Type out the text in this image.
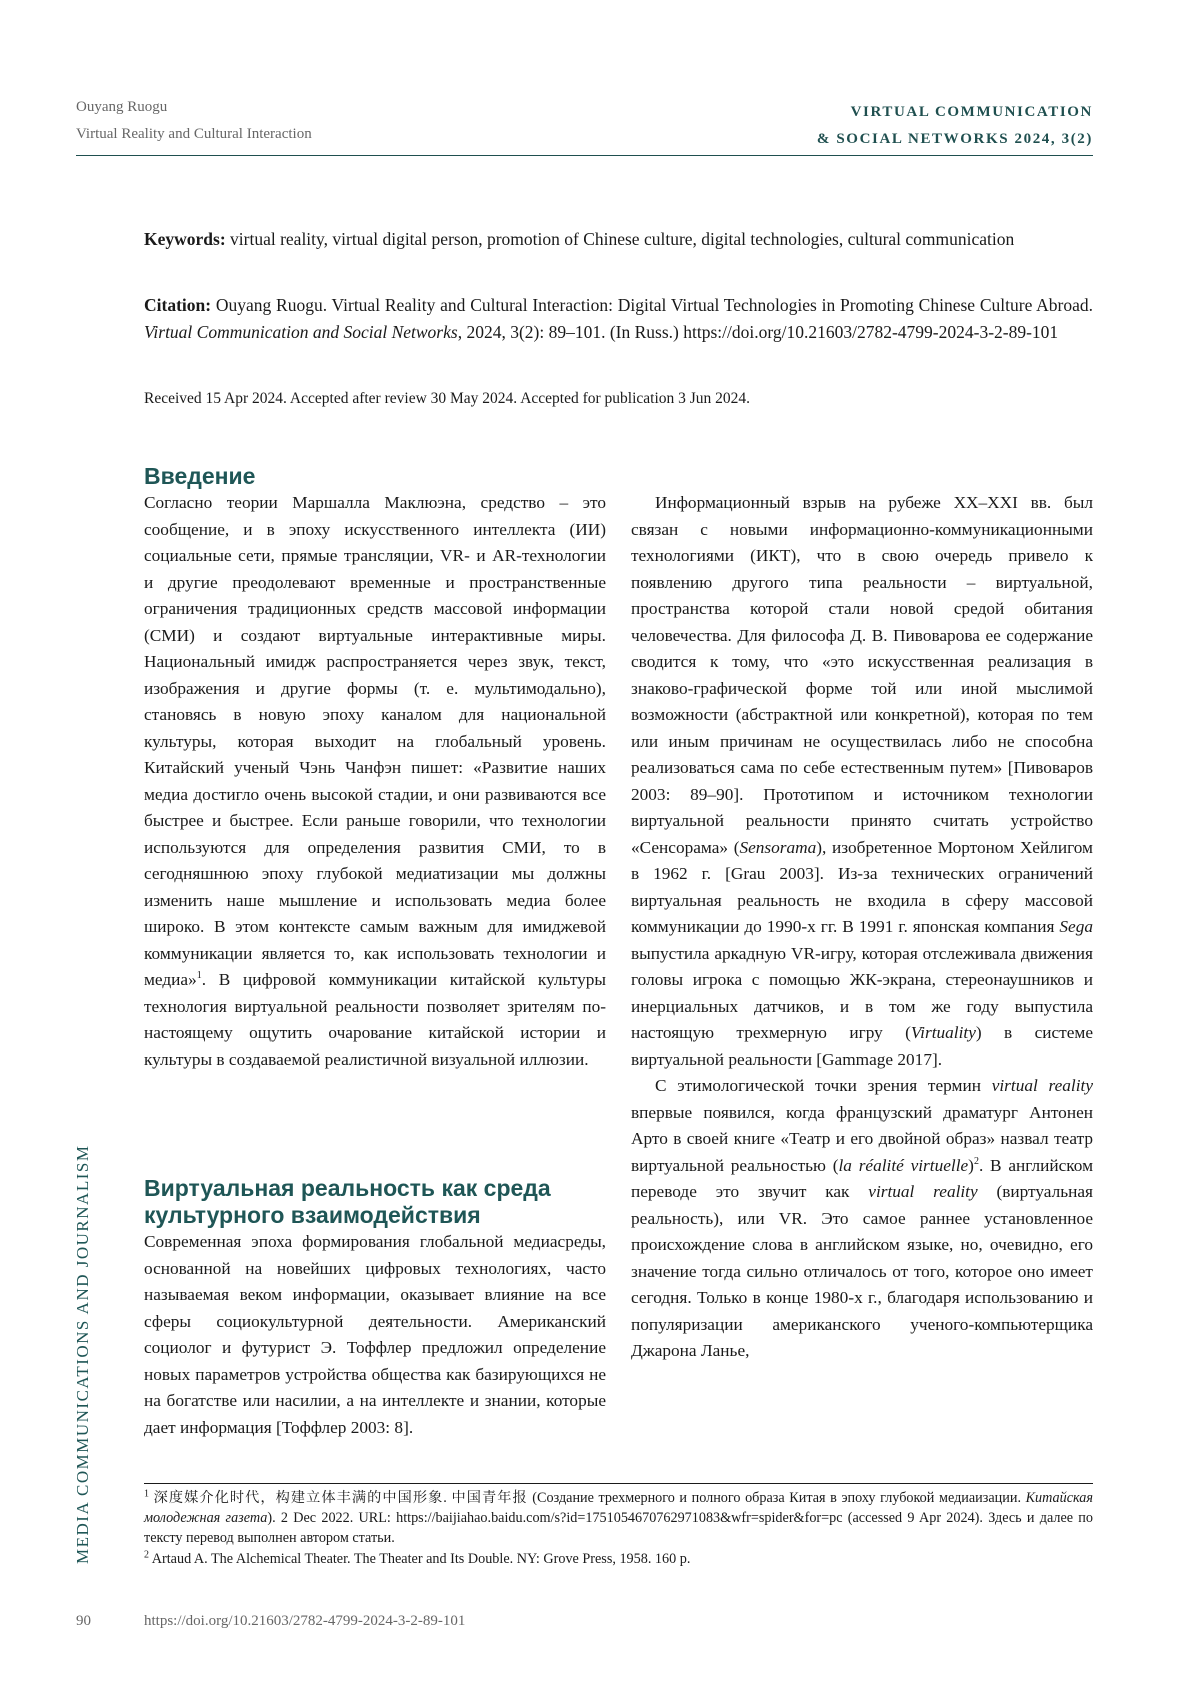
Ouyang Ruogu
Virtual Reality and Cultural Interaction
VIRTUAL COMMUNICATION
& SOCIAL NETWORKS 2024, 3(2)
Keywords: virtual reality, virtual digital person, promotion of Chinese culture, digital technologies, cultural communication
Citation: Ouyang Ruogu. Virtual Reality and Cultural Interaction: Digital Virtual Technologies in Promoting Chinese Culture Abroad. Virtual Communication and Social Networks, 2024, 3(2): 89–101. (In Russ.) https://doi.org/10.21603/2782-4799-2024-3-2-89-101
Received 15 Apr 2024. Accepted after review 30 May 2024. Accepted for publication 3 Jun 2024.
Введение

Согласно теории Маршалла Маклюэна, средство – это сообщение, и в эпоху искусственного интеллекта (ИИ) социальные сети, прямые трансляции, VR- и AR-технологии и другие преодолевают временные и пространственные ограничения традиционных средств массовой информации (СМИ) и создают виртуальные интерактивные миры. Национальный имидж распространяется через звук, текст, изображения и другие формы (т. е. мультимодально), становясь в новую эпоху каналом для национальной культуры, которая выходит на глобальный уровень. Китайский ученый Чэнь Чанфэн пишет: «Развитие наших медиа достигло очень высокой стадии, и они развиваются все быстрее и быстрее. Если раньше говорили, что технологии используются для определения развития СМИ, то в сегодняшнюю эпоху глубокой медиатизации мы должны изменить наше мышление и использовать медиа более широко. В этом контексте самым важным для имиджевой коммуникации является то, как использовать технологии и медиа»$^1$. В цифровой коммуникации китайской культуры технология виртуальной реальности позволяет зрителям по-настоящему ощутить очарование китайской истории и культуры в создаваемой реалистичной визуальной иллюзии.

Виртуальная реальность как среда культурного взаимодействия

Современная эпоха формирования глобальной медиасреды, основанной на новейших цифровых технологиях, часто называемая веком информации, оказывает влияние на все сферы социокультурной деятельности. Американский социолог и футурист Э. Тоффлер предложил определение новых параметров устройства общества как базирующихся не на богатстве или насилии, а на интеллекте и знании, которые дает информация [Тоффлер 2003: 8].

Информационный взрыв на рубеже XX–XXI вв. был связан с новыми информационно-коммуникационными технологиями (ИКТ), что в свою очередь привело к появлению другого типа реальности – виртуальной, пространства которой стали новой средой обитания человечества. Для философа Д. В. Пивоварова ее содержание сводится к тому, что «это искусственная реализация в знаково-графической форме той или иной мыслимой возможности (абстрактной или конкретной), которая по тем или иным причинам не осуществилась либо не способна реализоваться сама по себе естественным путем» [Пивоваров 2003: 89–90]. Прототипом и источником технологии виртуальной реальности принято считать устройство «Сенсорама» (Sensorama), изобретенное Мортоном Хейлигом в 1962 г. [Grau 2003]. Из-за технических ограничений виртуальная реальность не входила в сферу массовой коммуникации до 1990-х гг. В 1991 г. японская компания Sega выпустила аркадную VR-игру, которая отслеживала движения головы игрока с помощью ЖК-экрана, стереонаушников и инерциальных датчиков, и в том же году выпустила настоящую трехмерную игру (Virtuality) в системе виртуальной реальности [Gammage 2017].

С этимологической точки зрения термин virtual reality впервые появился, когда французский драматург Антонен Арто в своей книге «Театр и его двойной образ» назвал театр виртуальной реальностью (la réalité virtuelle)$^2$. В английском переводе это звучит как virtual reality (виртуальная реальность), или VR. Это самое раннее установленное происхождение слова в английском языке, но, очевидно, его значение тогда сильно отличалось от того, которое оно имеет сегодня. Только в конце 1980-х г., благодаря использованию и популяризации американского ученого-компьютерщика Джарона Ланье,

$^1$ 深度媒介化时代，构建立体丰满的中国形象. 中国青年报 (Создание трехмерного и полного образа Китая в эпоху глубокой медиаизации. Китайская молодежная газета). 2 Dec 2022. URL: https://baijiahao.baidu.com/s?id=1751054670762971083&wfr=spider&for=pc (accessed 9 Apr 2024). Здесь и далее по тексту перевод выполнен автором статьи.
$^2$ Artaud A. The Alchemical Theater. The Theater and Its Double. NY: Grove Press, 1958. 160 p.
MEDIA COMMUNICATIONS AND JOURNALISM
90	https://doi.org/10.21603/2782-4799-2024-3-2-89-101
